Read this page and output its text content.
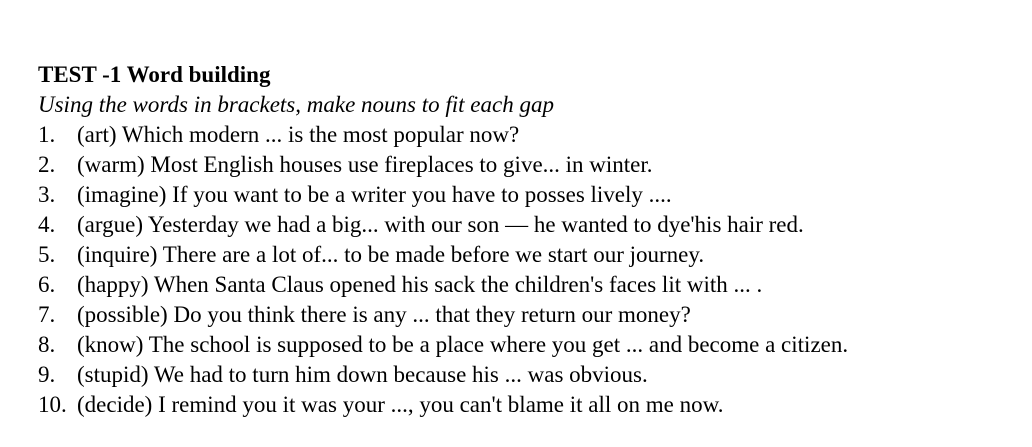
TEST -1 Word building
Using the words in brackets, make nouns to fit each gap
1. (art) Which modern ... is the most popular now?
2. (warm) Most English houses use fireplaces to give... in winter.
3. (imagine) If you want to be a writer you have to posses lively ....
4. (argue) Yesterday we had a big... with our son — he wanted to dye'his hair red.
5. (inquire) There are a lot of... to be made before we start our journey.
6. (happy) When Santa Claus opened his sack the children's faces lit with ... .
7. (possible) Do you think there is any ... that they return our money?
8. (know) The school is supposed to be a place where you get ... and become a citizen.
9. (stupid) We had to turn him down because his ... was obvious.
10. (decide) I remind you it was your ..., you can't blame it all on me now.
